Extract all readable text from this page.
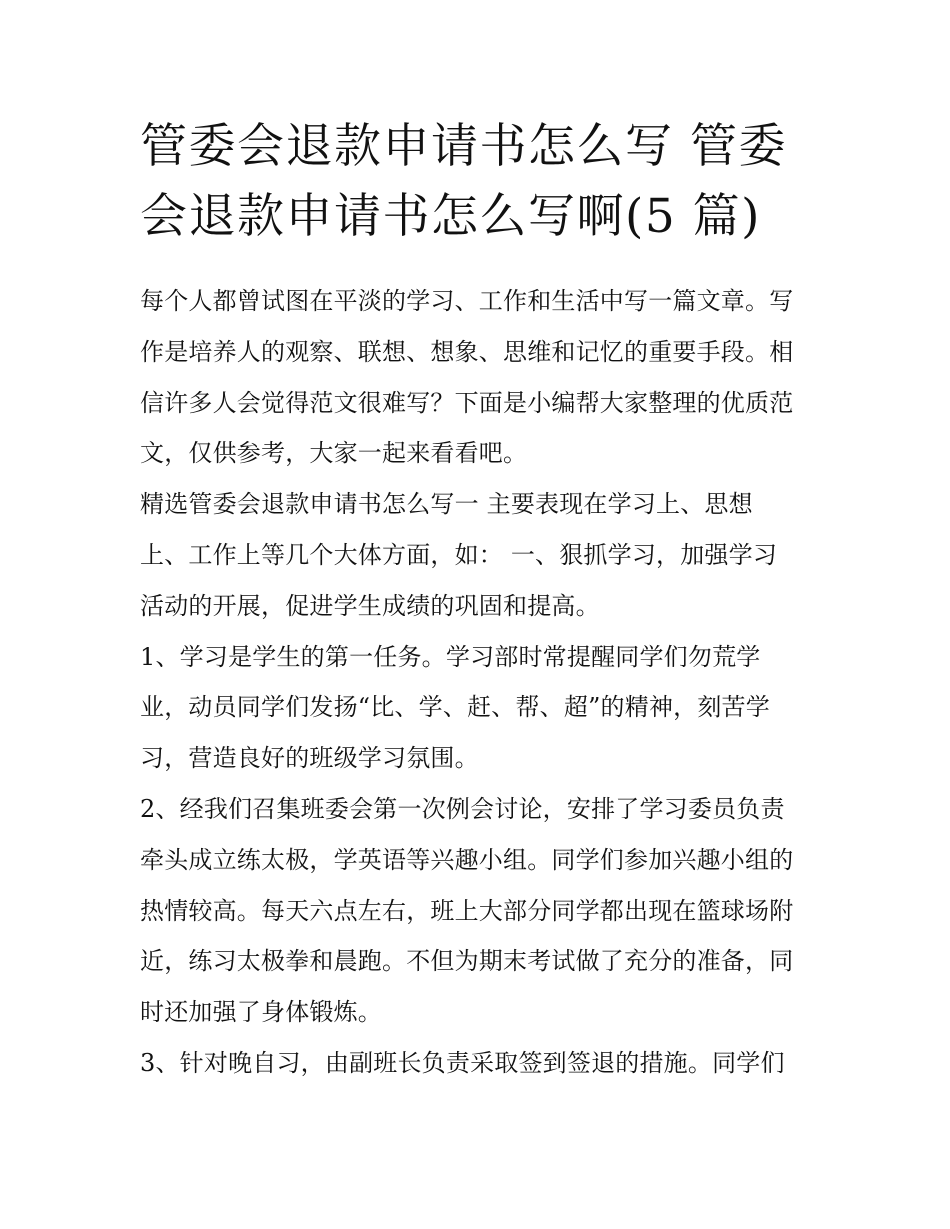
管委会退款申请书怎么写 管委
会退款申请书怎么写啊(5 篇)
每个人都曾试图在平淡的学习、工作和生活中写一篇文章。写
作是培养人的观察、联想、想象、思维和记忆的重要手段。相
信许多人会觉得范文很难写？下面是小编帮大家整理的优质范
文，仅供参考，大家一起来看看吧。
精选管委会退款申请书怎么写一 主要表现在学习上、思想
上、工作上等几个大体方面，如： 一、狠抓学习，加强学习
活动的开展，促进学生成绩的巩固和提高。
1、学习是学生的第一任务。学习部时常提醒同学们勿荒学
业，动员同学们发扬“比、学、赶、帮、超”的精神，刻苦学
习，营造良好的班级学习氛围。
2、经我们召集班委会第一次例会讨论，安排了学习委员负责
牵头成立练太极，学英语等兴趣小组。同学们参加兴趣小组的
热情较高。每天六点左右，班上大部分同学都出现在篮球场附
近，练习太极拳和晨跑。不但为期末考试做了充分的准备，同
时还加强了身体锻炼。
3、针对晚自习，由副班长负责采取签到签退的措施。同学们
